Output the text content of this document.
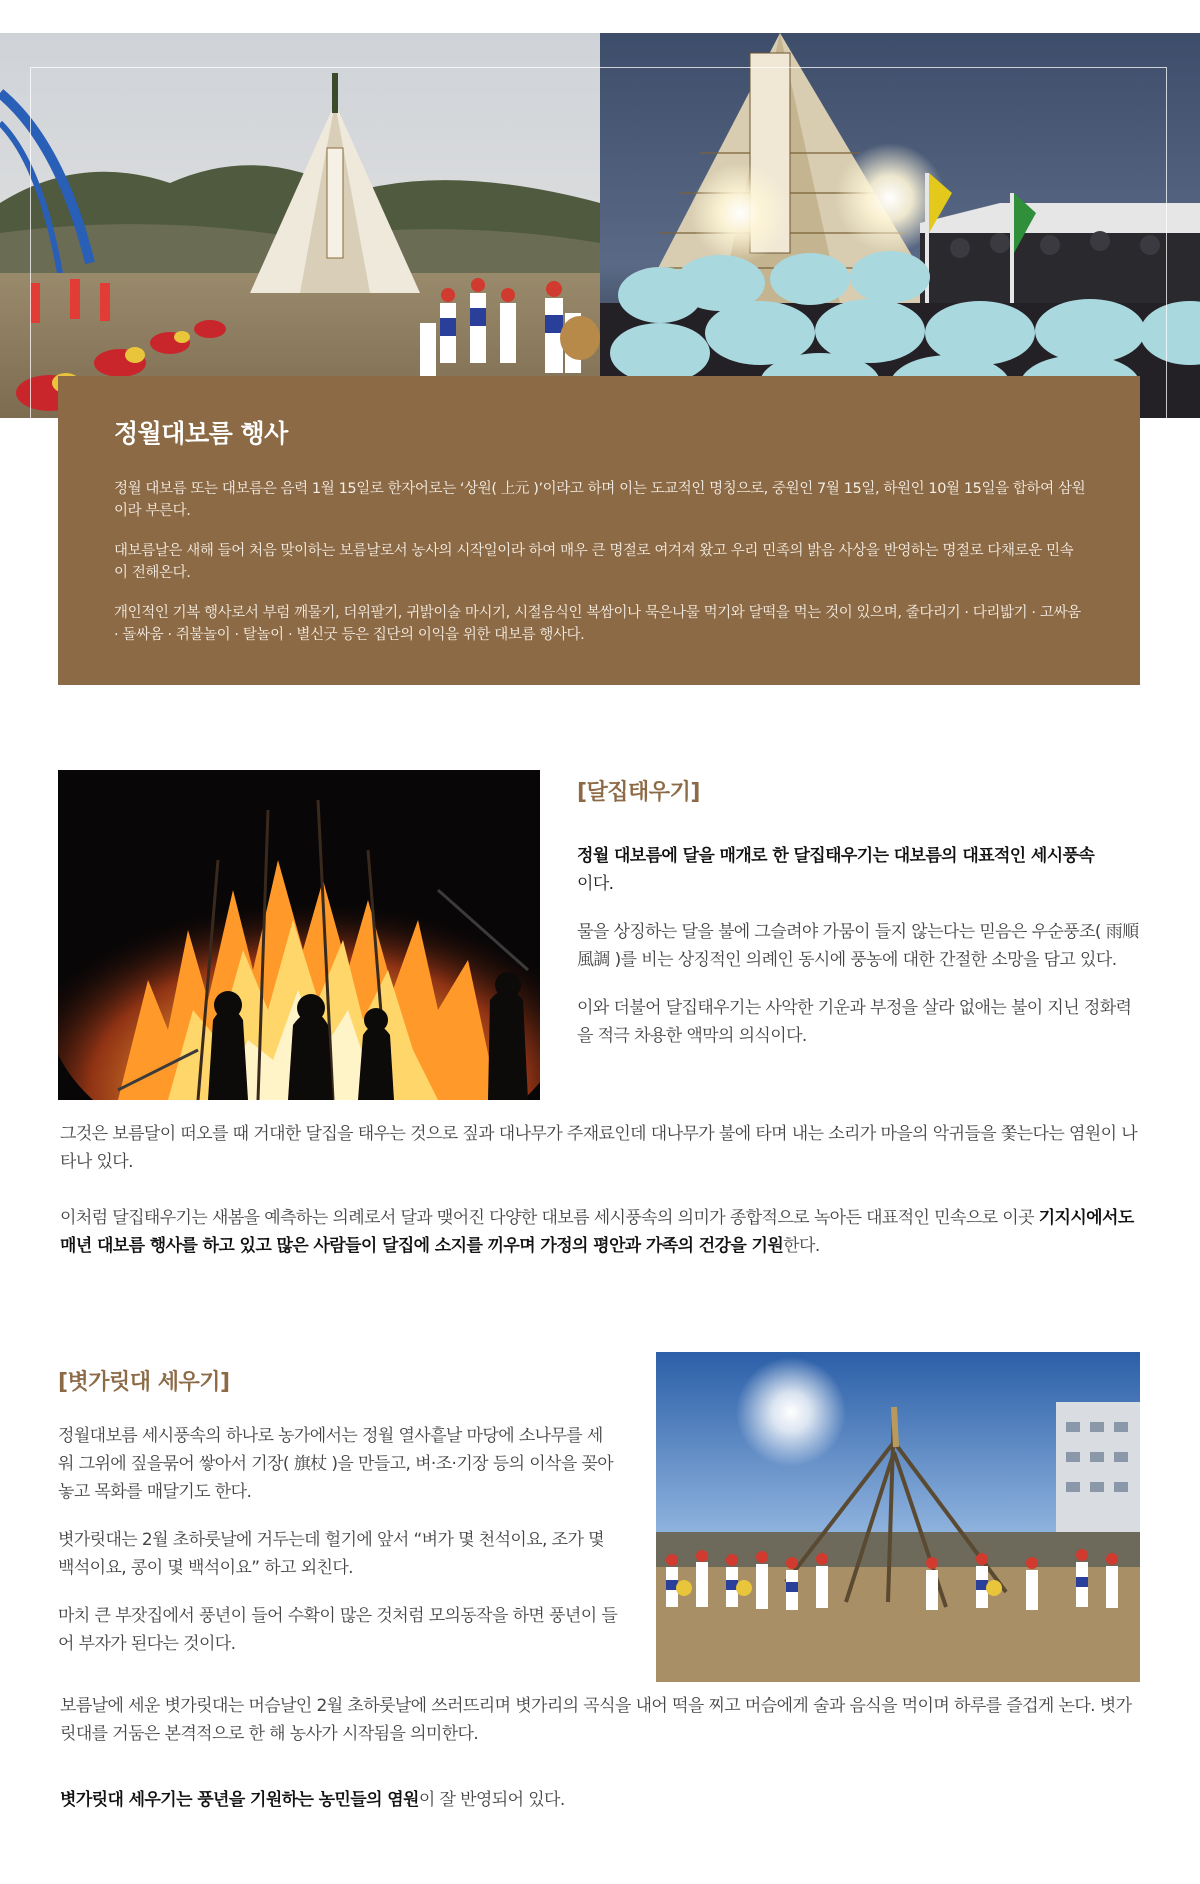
정월대보름 행사

정월 대보름 또는 대보름은 음력 1월 15일로 한자어로는 ‘상원( 上元 )’이라고 하며 이는 도교적인 명칭으로, 중원인 7월 15일, 하원인 10월 15일을 합하여 삼원이라 부른다.

대보름날은 새해 들어 처음 맞이하는 보름날로서 농사의 시작일이라 하여 매우 큰 명절로 여겨져 왔고 우리 민족의 밝음 사상을 반영하는 명절로 다채로운 민속이 전해온다.

개인적인 기복 행사로서 부럼 깨물기, 더위팔기, 귀밝이술 마시기, 시절음식인 복쌈이나 묵은나물 먹기와 달떡을 먹는 것이 있으며, 줄다리기 · 다리밟기 · 고싸움 · 돌싸움 · 쥐불놀이 · 탈놀이 · 별신굿 등은 집단의 이익을 위한 대보름 행사다.

[달집태우기]

정월 대보름에 달을 매개로 한 달집태우기는 대보름의 대표적인 세시풍속
이다.

물을 상징하는 달을 불에 그슬려야 가뭄이 들지 않는다는 믿음은 우순풍조( 雨順風調 )를 비는 상징적인 의례인 동시에 풍농에 대한 간절한 소망을 담고 있다.

이와 더불어 달집태우기는 사악한 기운과 부정을 살라 없애는 불이 지닌 정화력을 적극 차용한 액막의 의식이다.

그것은 보름달이 떠오를 때 거대한 달집을 태우는 것으로 짚과 대나무가 주재료인데 대나무가 불에 타며 내는 소리가 마을의 악귀들을 쫓는다는 염원이 나타나 있다.

이처럼 달집태우기는 새봄을 예측하는 의례로서 달과 맺어진 다양한 대보름 세시풍속의 의미가 종합적으로 녹아든 대표적인 민속으로 이곳 기지시에서도 매년 대보름 행사를 하고 있고 많은 사람들이 달집에 소지를 끼우며 가정의 평안과 가족의 건강을 기원한다.

[볏가릿대 세우기]

정월대보름 세시풍속의 하나로 농가에서는 정월 열사흩날 마당에 소나무를 세워 그위에 짚을묶어 쌓아서 기장( 旗杖 )을 만들고, 벼·조·기장 등의 이삭을 꽂아놓고 목화를 매달기도 한다.

볏가릿대는 2월 초하룻날에 거두는데 헐기에 앞서 “벼가 몇 천석이요, 조가 몇 백석이요, 콩이 몇 백석이요” 하고 외친다.

마치 큰 부잣집에서 풍년이 들어 수확이 많은 것처럼 모의동작을 하면 풍년이 들어 부자가 된다는 것이다.

보름날에 세운 볏가릿대는 머슴날인 2월 초하룻날에 쓰러뜨리며 볏가리의 곡식을 내어 떡을 찌고 머슴에게 술과 음식을 먹이며 하루를 즐겁게 논다. 볏가릿대를 거둠은 본격적으로 한 해 농사가 시작됨을 의미한다.

볏가릿대 세우기는 풍년을 기원하는 농민들의 염원이 잘 반영되어 있다.
